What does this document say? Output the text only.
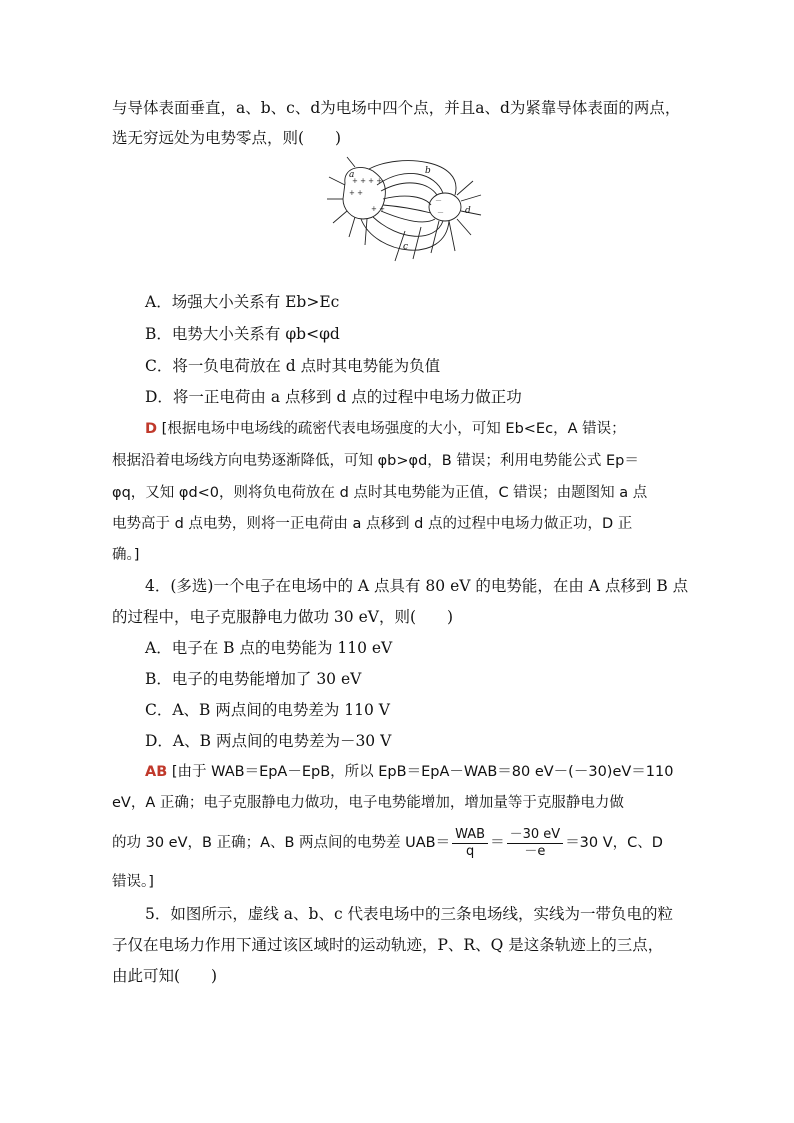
与导体表面垂直，a、b、c、d为电场中四个点，并且a、d为紧靠导体表面的两点，
选无穷远处为电势零点，则(　　)
+ + + +
+ +
+ +
－
－
a	b
c
d
A．场强大小关系有 Eb>Ec
B．电势大小关系有 φb<φd
C．将一负电荷放在 d 点时其电势能为负值
D．将一正电荷由 a 点移到 d 点的过程中电场力做正功
D [根据电场中电场线的疏密代表电场强度的大小，可知 Eb<Ec，A 错误；
根据沿着电场线方向电势逐渐降低，可知 φb>φd，B 错误；利用电势能公式 Ep＝
φq，又知 φd<0，则将负电荷放在 d 点时其电势能为正值，C 错误；由题图知 a 点
电势高于 d 点电势，则将一正电荷由 a 点移到 d 点的过程中电场力做正功，D 正
确。]
4．(多选)一个电子在电场中的 A 点具有 80 eV 的电势能，在由 A 点移到 B 点
的过程中，电子克服静电力做功 30 eV，则(　　)
A．电子在 B 点的电势能为 110 eV
B．电子的电势能增加了 30 eV
C．A、B 两点间的电势差为 110 V
D．A、B 两点间的电势差为－30 V
AB [由于 WAB＝EpA－EpB，所以 EpB＝EpA－WAB＝80 eV－(－30)eV＝110
eV，A 正确；电子克服静电力做功，电子电势能增加，增加量等于克服静电力做
的功 30 eV，B 正确；A、B 两点间的电势差 $UAB= \frac{\text{WAB}}{q} = \frac{-30 eV}{-e} =30$ V，C、D
错误。]
5．如图所示，虚线 a、b、c 代表电场中的三条电场线，实线为一带负电的粒
子仅在电场力作用下通过该区域时的运动轨迹，P、R、Q 是这条轨迹上的三点，
由此可知(　　)
